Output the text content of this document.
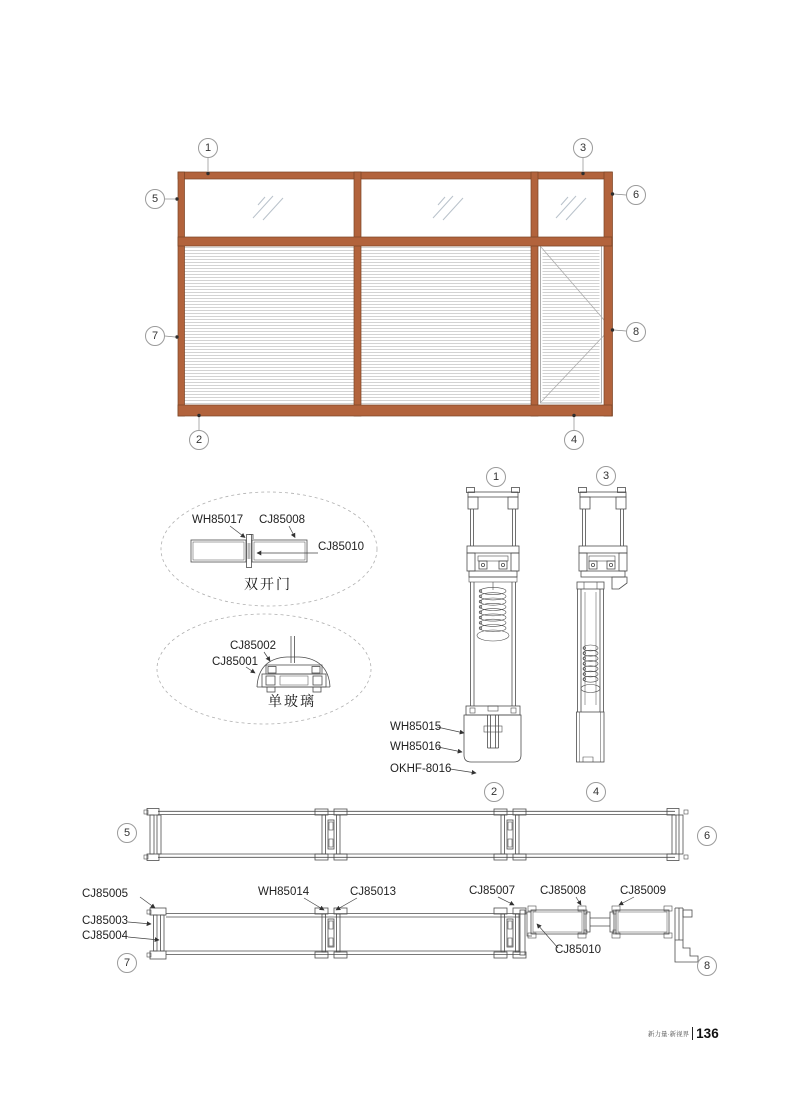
1	3
5	6
7	8
2	4
1	3
2	4
5	6
7	8
WH85017 CJ85008
CJ85010
双开门
CJ85002
CJ85001
单玻璃
WH85015
WH85016
OKHF-8016
CJ85005
CJ85003
CJ85004
WH85014	CJ85013	CJ85007 CJ85008	CJ85009
CJ85010
新力量·新视界 136
